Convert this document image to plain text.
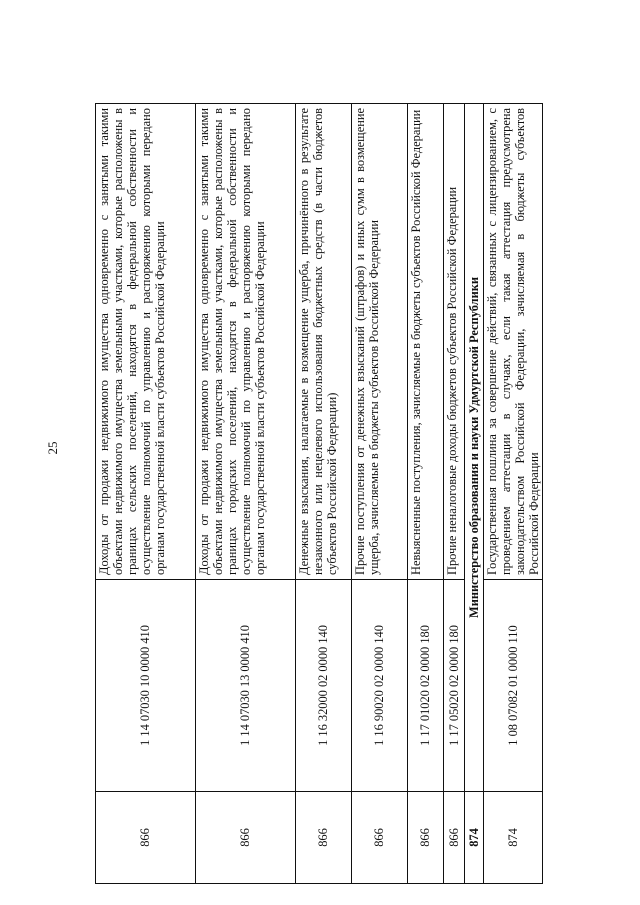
25
866	1 14 07030 10 0000 410	Доходы от продажи недвижимого имущества одновременно с занятыми такими объектами недвижимого имущества земельными участками, которые расположены в границах сельских поселений, находятся в федеральной собственности и осуществление полномочий по управлению и распоряжению которыми передано органам государственной власти субъектов Российской Федерации
866	1 14 07030 13 0000 410	Доходы от продажи недвижимого имущества одновременно с занятыми такими объектами недвижимого имущества земельными участками, которые расположены в границах городских поселений, находятся в федеральной собственности и осуществление полномочий по управлению и распоряжению которыми передано органам государственной власти субъектов Российской Федерации
866	1 16 32000 02 0000 140	Денежные взыскания, налагаемые в возмещение ущерба, причинённого в результате незаконного или нецелевого использования бюджетных средств (в части бюджетов субъектов Российской Федерации)
866	1 16 90020 02 0000 140	Прочие поступления от денежных взысканий (штрафов) и иных сумм в возмещение ущерба, зачисляемые в бюджеты субъектов Российской Федерации
866	1 17 01020 02 0000 180	Невыясненные поступления, зачисляемые в бюджеты субъектов Российской Федерации
866	1 17 05020 02 0000 180	Прочие неналоговые доходы бюджетов субъектов Российской Федерации
874	Министерство образования и науки Удмуртской Республики	
874	1 08 07082 01 0000 110	Государственная пошлина за совершение действий, связанных с лицензированием, с проведением аттестации в случаях, если такая аттестация предусмотрена законодательством Российской Федерации, зачисляемая в бюджеты субъектов Российской Федерации
